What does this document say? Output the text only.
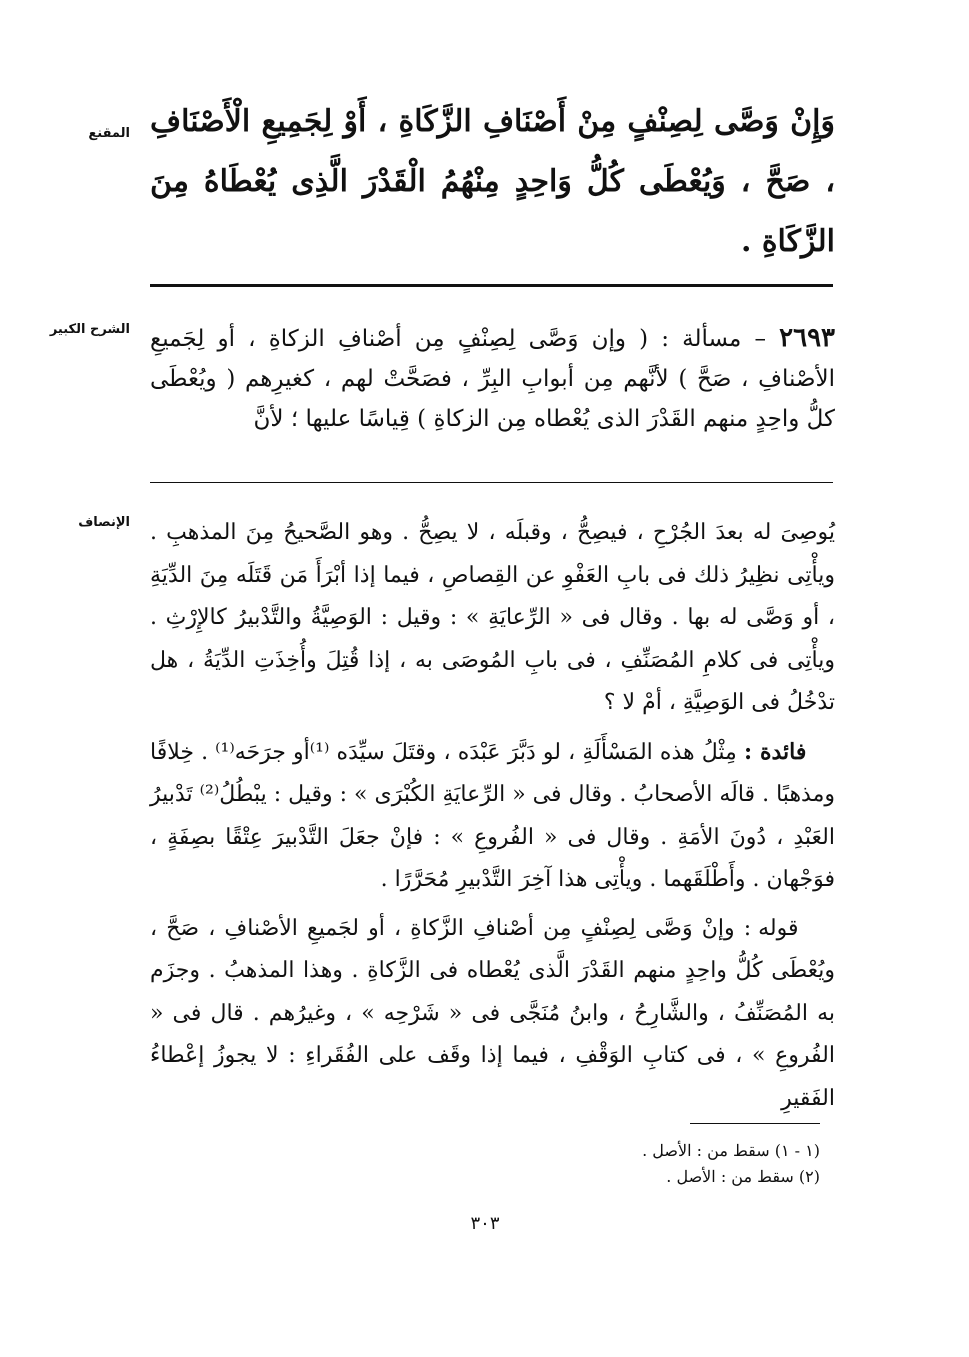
المقنع وَإِنْ وَصَّى لِصِنْفٍ مِنْ أَصْنَافِ الزَّكَاةِ ، أَوْ لِجَمِيعِ الْأَصْنَافِ ، صَحَّ ، وَيُعْطَى كُلُّ وَاحِدٍ مِنْهُمُ الْقَدْرَ الَّذِى يُعْطَاهُ مِنَ الزَّكَاةِ .
الشرح الكبير	٢٦٩٣ – مسألة : ( وإن وَصَّى لِصِنْفٍ مِن أصْنافِ الزكاةِ ، أو لِجَميعِ الأصْنافِ ، صَحَّ ) لأنَّهم مِن أبوابِ البِرِّ ، فصَحَّتْ لهم ، كغيرِهم ( ويُعْطَى كلُّ واحِدٍ منهم القَدْرَ الذى يُعْطاه مِن الزكاةِ ) قِياسًا عليها ؛ لأنَّ
الإنصاف يُوصِىَ له بعدَ الجُرْحِ ، فيصِحُّ ، وقبلَه ، لا يصِحُّ . وهو الصَّحيحُ مِنَ المذهبِ . ويأْتِى نظِيرُ ذلك فى بابِ العَفْوِ عن القِصاصِ ، فيما إذا أبْرَأَ مَن قَتَلَه مِنَ الدِّيَةِ ، أو وَصَّى له بها . وقال فى « الرِّعايَةِ » : وقيل : الوَصِيَّةُ والتَّدْبيرُ كالإِرْثِ . ويأْتِى فى كلامِ المُصَنِّفِ ، فى بابِ المُوصَى به ، إذا قُتِلَ وأُخِذَتِ الدِّيَةُ ، هل تدْخُلُ فى الوَصِيَّةِ ، أمْ لا ؟

فائدة : مِثْلُ هذه المَسْأَلَةِ ، لو دَبَّرَ عَبْدَه ، وقتَلَ سيِّدَه ⁽¹⁾أو جرَحَه⁽¹⁾ . خِلافًا ومذهبًا . قالَه الأصحابُ . وقال فى « الرِّعايَةِ الكُبْرَى » : وقيل : يبْطُلُ⁽²⁾ تَدْبيرُ العَبْدِ ، دُونَ الأمَةِ . وقال فى « الفُروعِ » : فإنْ جعَلَ التَّدْبيرَ عِتْقًا بصِفَةٍ ، فوَجْهان . وأَطْلَقَهما . ويأْتِى هذا آخِرَ التَّدْبيرِ مُحَرَّرًا .

قوله : وإنْ وَصَّى لِصِنْفٍ مِن أصْنافِ الزَّكاةِ ، أو لجَميعِ الأصْنافِ ، صَحَّ ، ويُعْطَى كُلُّ واحِدٍ منهم القَدْرَ الَّذى يُعْطاه فى الزَّكاةِ . وهذا المذهبُ . وجزَم به المُصَنِّفُ ، والشَّارِحُ ، وابنُ مُنَجَّى فى « شَرْحِه » ، وغيرُهم . قال فى « الفُروعِ » ، فى كتابِ الوَقْفِ ، فيما إذا وقَف على الفُقَراءِ : لا يجوزُ إعْطاءُ الفَقيرِ

(١ - ١) سقط من : الأصل .
(٢) سقط من : الأصل .
٣٠٣
